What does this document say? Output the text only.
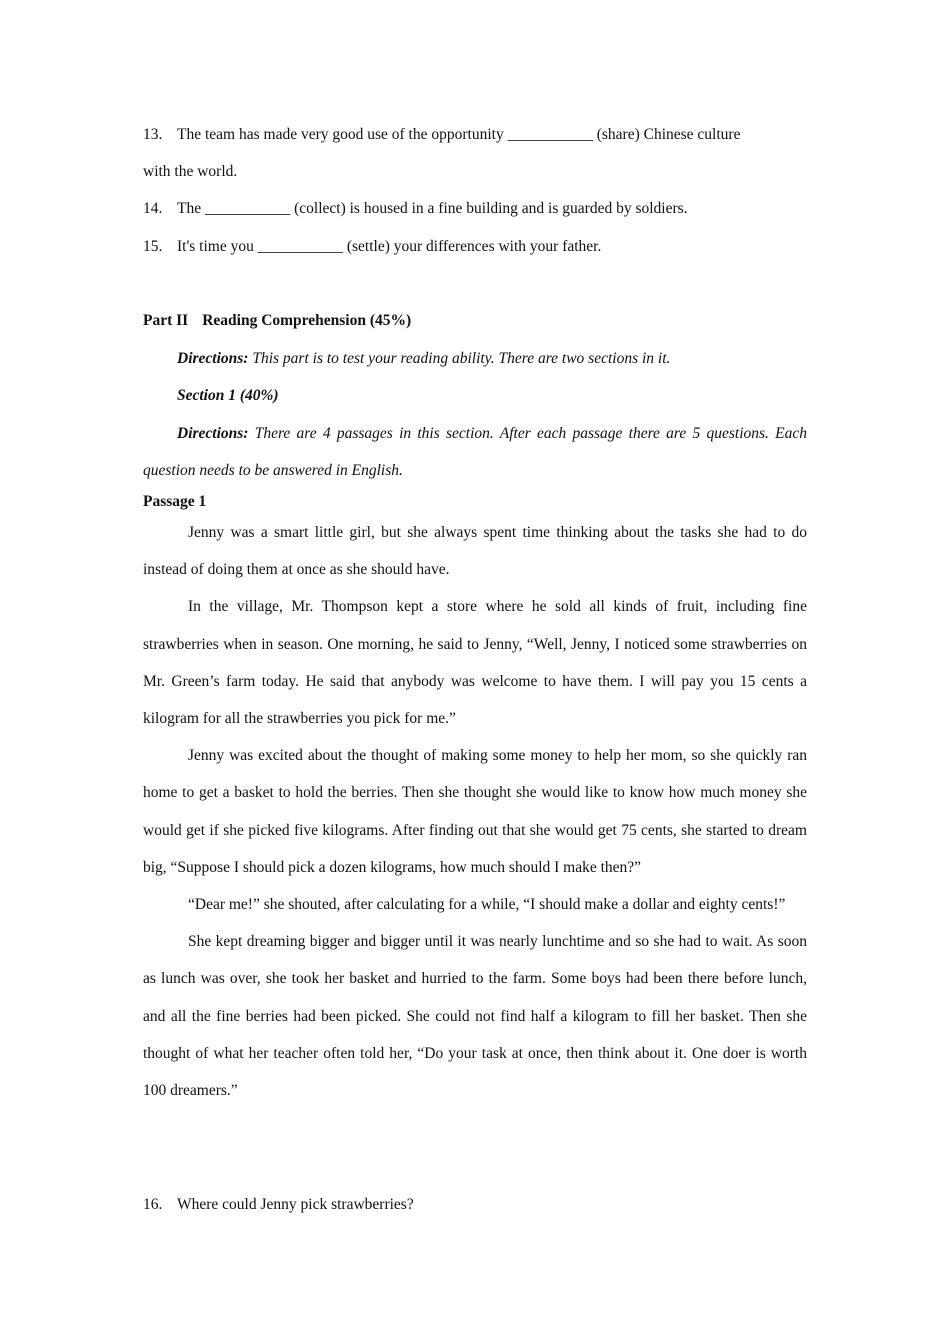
13. The team has made very good use of the opportunity ___________ (share) Chinese culture
with the world.
14. The ___________ (collect) is housed in a fine building and is guarded by soldiers.
15. It's time you ___________ (settle) your differences with your father.
Part II Reading Comprehension (45%)
Directions: This part is to test your reading ability. There are two sections in it.
Section 1 (40%)
Directions: There are 4 passages in this section. After each passage there are 5 questions. Each question needs to be answered in English.
Passage 1

Jenny was a smart little girl, but she always spent time thinking about the tasks she had to do instead of doing them at once as she should have.

In the village, Mr. Thompson kept a store where he sold all kinds of fruit, including fine strawberries when in season. One morning, he said to Jenny, “Well, Jenny, I noticed some strawberries on Mr. Green’s farm today. He said that anybody was welcome to have them. I will pay you 15 cents a kilogram for all the strawberries you pick for me.”

Jenny was excited about the thought of making some money to help her mom, so she quickly ran home to get a basket to hold the berries. Then she thought she would like to know how much money she would get if she picked five kilograms. After finding out that she would get 75 cents, she started to dream big, “Suppose I should pick a dozen kilograms, how much should I make then?”

“Dear me!” she shouted, after calculating for a while, “I should make a dollar and eighty cents!”

She kept dreaming bigger and bigger until it was nearly lunchtime and so she had to wait. As soon as lunch was over, she took her basket and hurried to the farm. Some boys had been there before lunch, and all the fine berries had been picked. She could not find half a kilogram to fill her basket. Then she thought of what her teacher often told her, “Do your task at once, then think about it. One doer is worth 100 dreamers.”

16. Where could Jenny pick strawberries?
